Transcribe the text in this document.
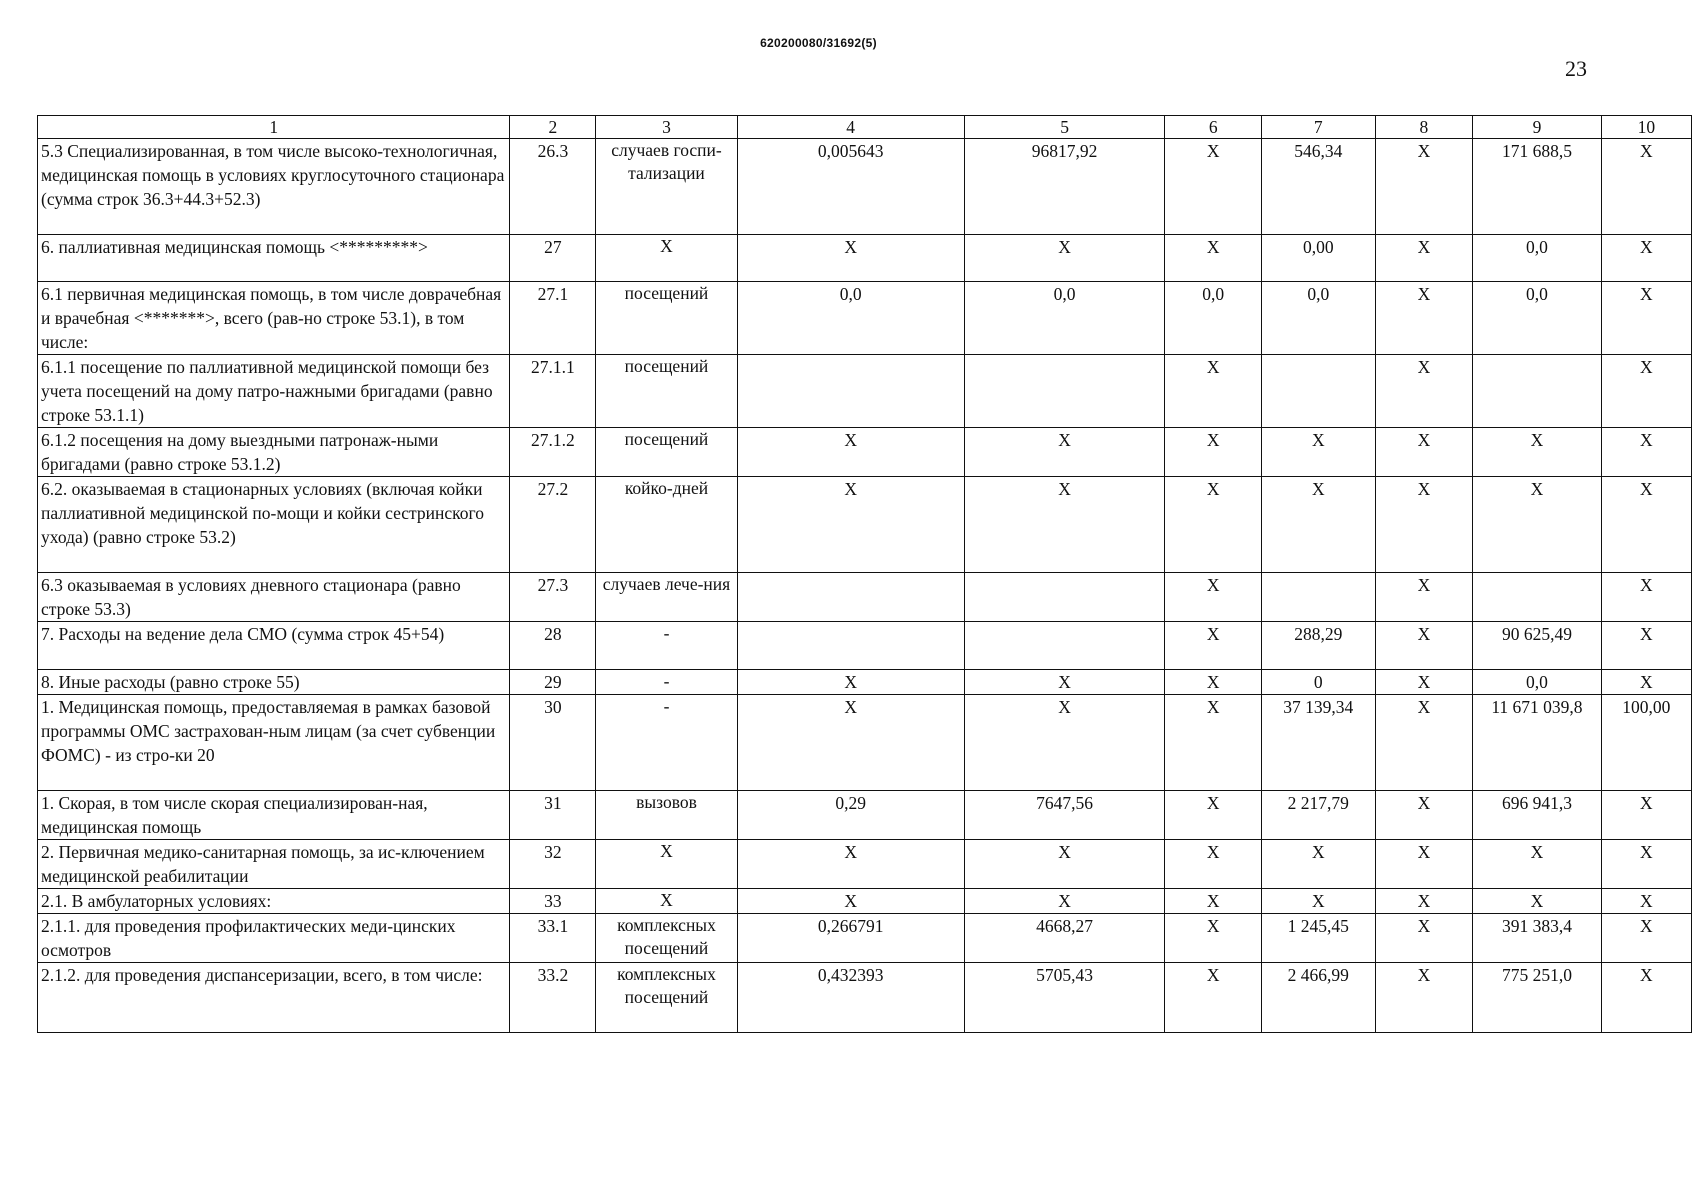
620200080/31692(5)
23
1	2	3	4	5	6	7	8	9	10
5.3 Специализированная, в том числе высоко-технологичная, медицинская помощь в условиях круглосуточного стационара (сумма строк 36.3+44.3+52.3)	26.3	случаев госпи-тализации	0,005643	96817,92	X	546,34	X	171 688,5	X
6. паллиативная медицинская помощь <*********>	27	X	X	X	X	0,00	X	0,0	X
6.1 первичная медицинская помощь, в том числе доврачебная и врачебная <*******>, всего (рав-но строке 53.1), в том числе:	27.1	посещений	0,0	0,0	0,0	0,0	X	0,0	X
6.1.1 посещение по паллиативной медицинской помощи без учета посещений на дому патро-нажными бригадами (равно строке 53.1.1)	27.1.1	посещений			X		X		X
6.1.2 посещения на дому выездными патронаж-ными бригадами (равно строке 53.1.2)	27.1.2	посещений	X	X	X	X	X	X	X
6.2. оказываемая в стационарных условиях (включая койки паллиативной медицинской по-мощи и койки сестринского ухода) (равно строке 53.2)	27.2	койко-дней	X	X	X	X	X	X	X
6.3 оказываемая в условиях дневного стационара (равно строке 53.3)	27.3	случаев лече-ния			X		X		X
7. Расходы на ведение дела СМО (сумма строк 45+54)	28	-			X	288,29	X	90 625,49	X
8. Иные расходы (равно строке 55)	29	-	X	X	X	0	X	0,0	X
1. Медицинская помощь, предоставляемая в рамках базовой программы ОМС застрахован-ным лицам (за счет субвенции ФОМС) - из стро-ки 20	30	-	X	X	X	37 139,34	X	11 671 039,8	100,00
1. Скорая, в том числе скорая специализирован-ная, медицинская помощь	31	вызовов	0,29	7647,56	X	2 217,79	X	696 941,3	X
2. Первичная медико-санитарная помощь, за ис-ключением медицинской реабилитации	32	X	X	X	X	X	X	X	X
2.1. В амбулаторных условиях:	33	X	X	X	X	X	X	X	X
2.1.1. для проведения профилактических меди-цинских осмотров	33.1	комплексных посещений	0,266791	4668,27	X	1 245,45	X	391 383,4	X
2.1.2. для проведения диспансеризации, всего, в том числе:	33.2	комплексных посещений	0,432393	5705,43	X	2 466,99	X	775 251,0	X
